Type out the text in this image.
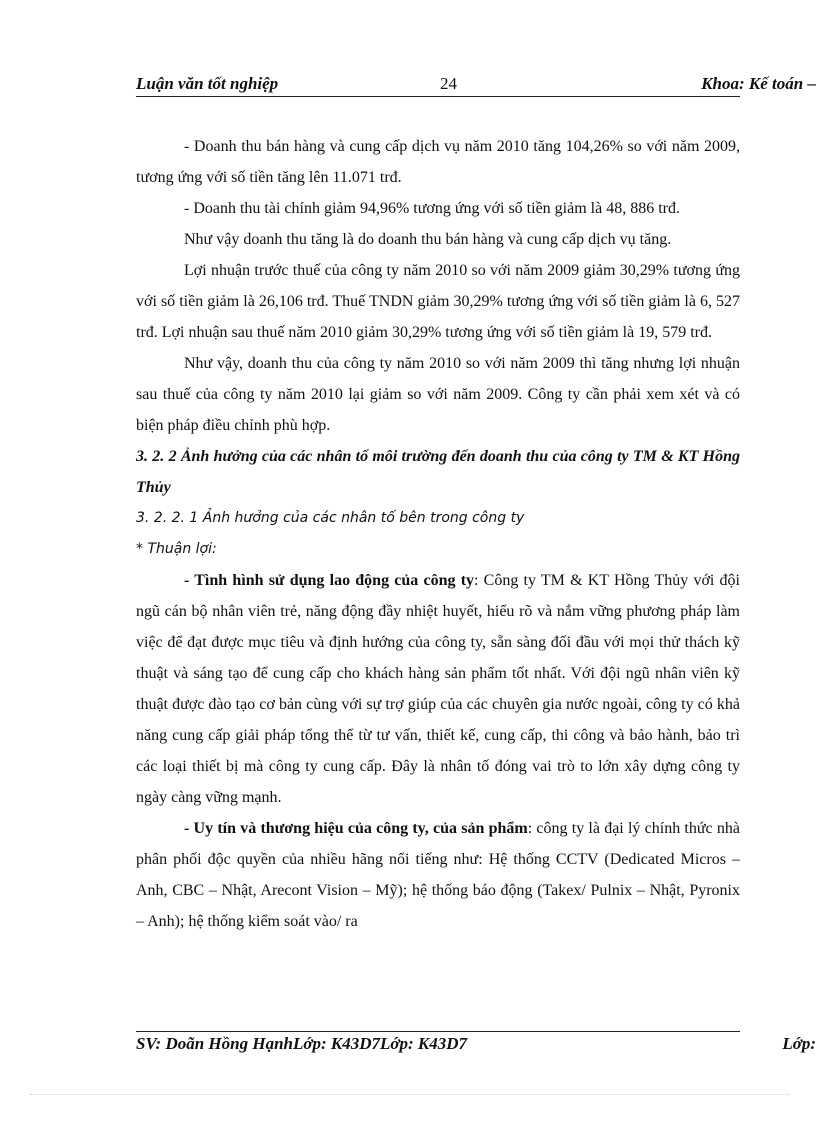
Luận văn tốt nghiệp	24	Khoa: Kế toán –

- Doanh thu bán hàng và cung cấp dịch vụ năm 2010 tăng 104,26% so với năm 2009, tương ứng với số tiền tăng lên 11.071 trđ.

- Doanh thu tài chính giảm 94,96% tương ứng với số tiền giảm là 48, 886 trđ.

Như vậy doanh thu tăng là do doanh thu bán hàng và cung cấp dịch vụ tăng.

Lợi nhuận trước thuế của công ty năm 2010 so với năm 2009 giảm 30,29% tương ứng với số tiền giảm là 26,106 trđ. Thuế TNDN giảm 30,29% tương ứng với số tiền giảm là 6, 527 trđ. Lợi nhuận sau thuế năm 2010 giảm 30,29% tương ứng với số tiền giảm là 19, 579 trđ.

Như vậy, doanh thu của công ty năm 2010 so với năm 2009 thì tăng nhưng lợi nhuận sau thuế của công ty năm 2010 lại giảm so với năm 2009. Công ty cần phải xem xét và có biện pháp điều chỉnh phù hợp.

3. 2. 2 Ảnh hưởng của các nhân tố môi trường đến doanh thu của công ty TM & KT Hồng Thủy

3. 2. 2. 1 Ảnh hưởng của các nhân tố bên trong công ty

* Thuận lợi:

- Tình hình sử dụng lao động của công ty: Công ty TM & KT Hồng Thủy với đội ngũ cán bộ nhân viên trẻ, năng động đầy nhiệt huyết, hiểu rõ và nắm vững phương pháp làm việc để đạt được mục tiêu và định hướng của công ty, sẵn sàng đối đầu với mọi thử thách kỹ thuật và sáng tạo để cung cấp cho khách hàng sản phẩm tốt nhất. Với đội ngũ nhân viên kỹ thuật được đào tạo cơ bản cùng với sự trợ giúp của các chuyên gia nước ngoài, công ty có khả năng cung cấp giải pháp tổng thể từ tư vấn, thiết kế, cung cấp, thi công và bảo hành, bảo trì các loại thiết bị mà công ty cung cấp. Đây là nhân tố đóng vai trò to lớn xây dựng công ty ngày càng vững mạnh.

- Uy tín và thương hiệu của công ty, của sản phẩm: công ty là đại lý chính thức nhà phân phối độc quyền của nhiều hãng nổi tiếng như: Hệ thống CCTV (Dedicated Micros –Anh, CBC – Nhật, Arecont Vision – Mỹ); hệ thống báo động (Takex/ Pulnix – Nhật, Pyronix – Anh); hệ thống kiểm soát vào/ ra

SV: Doãn Hồng HạnhLớp: K43D7Lớp: K43D7	Lớp:
